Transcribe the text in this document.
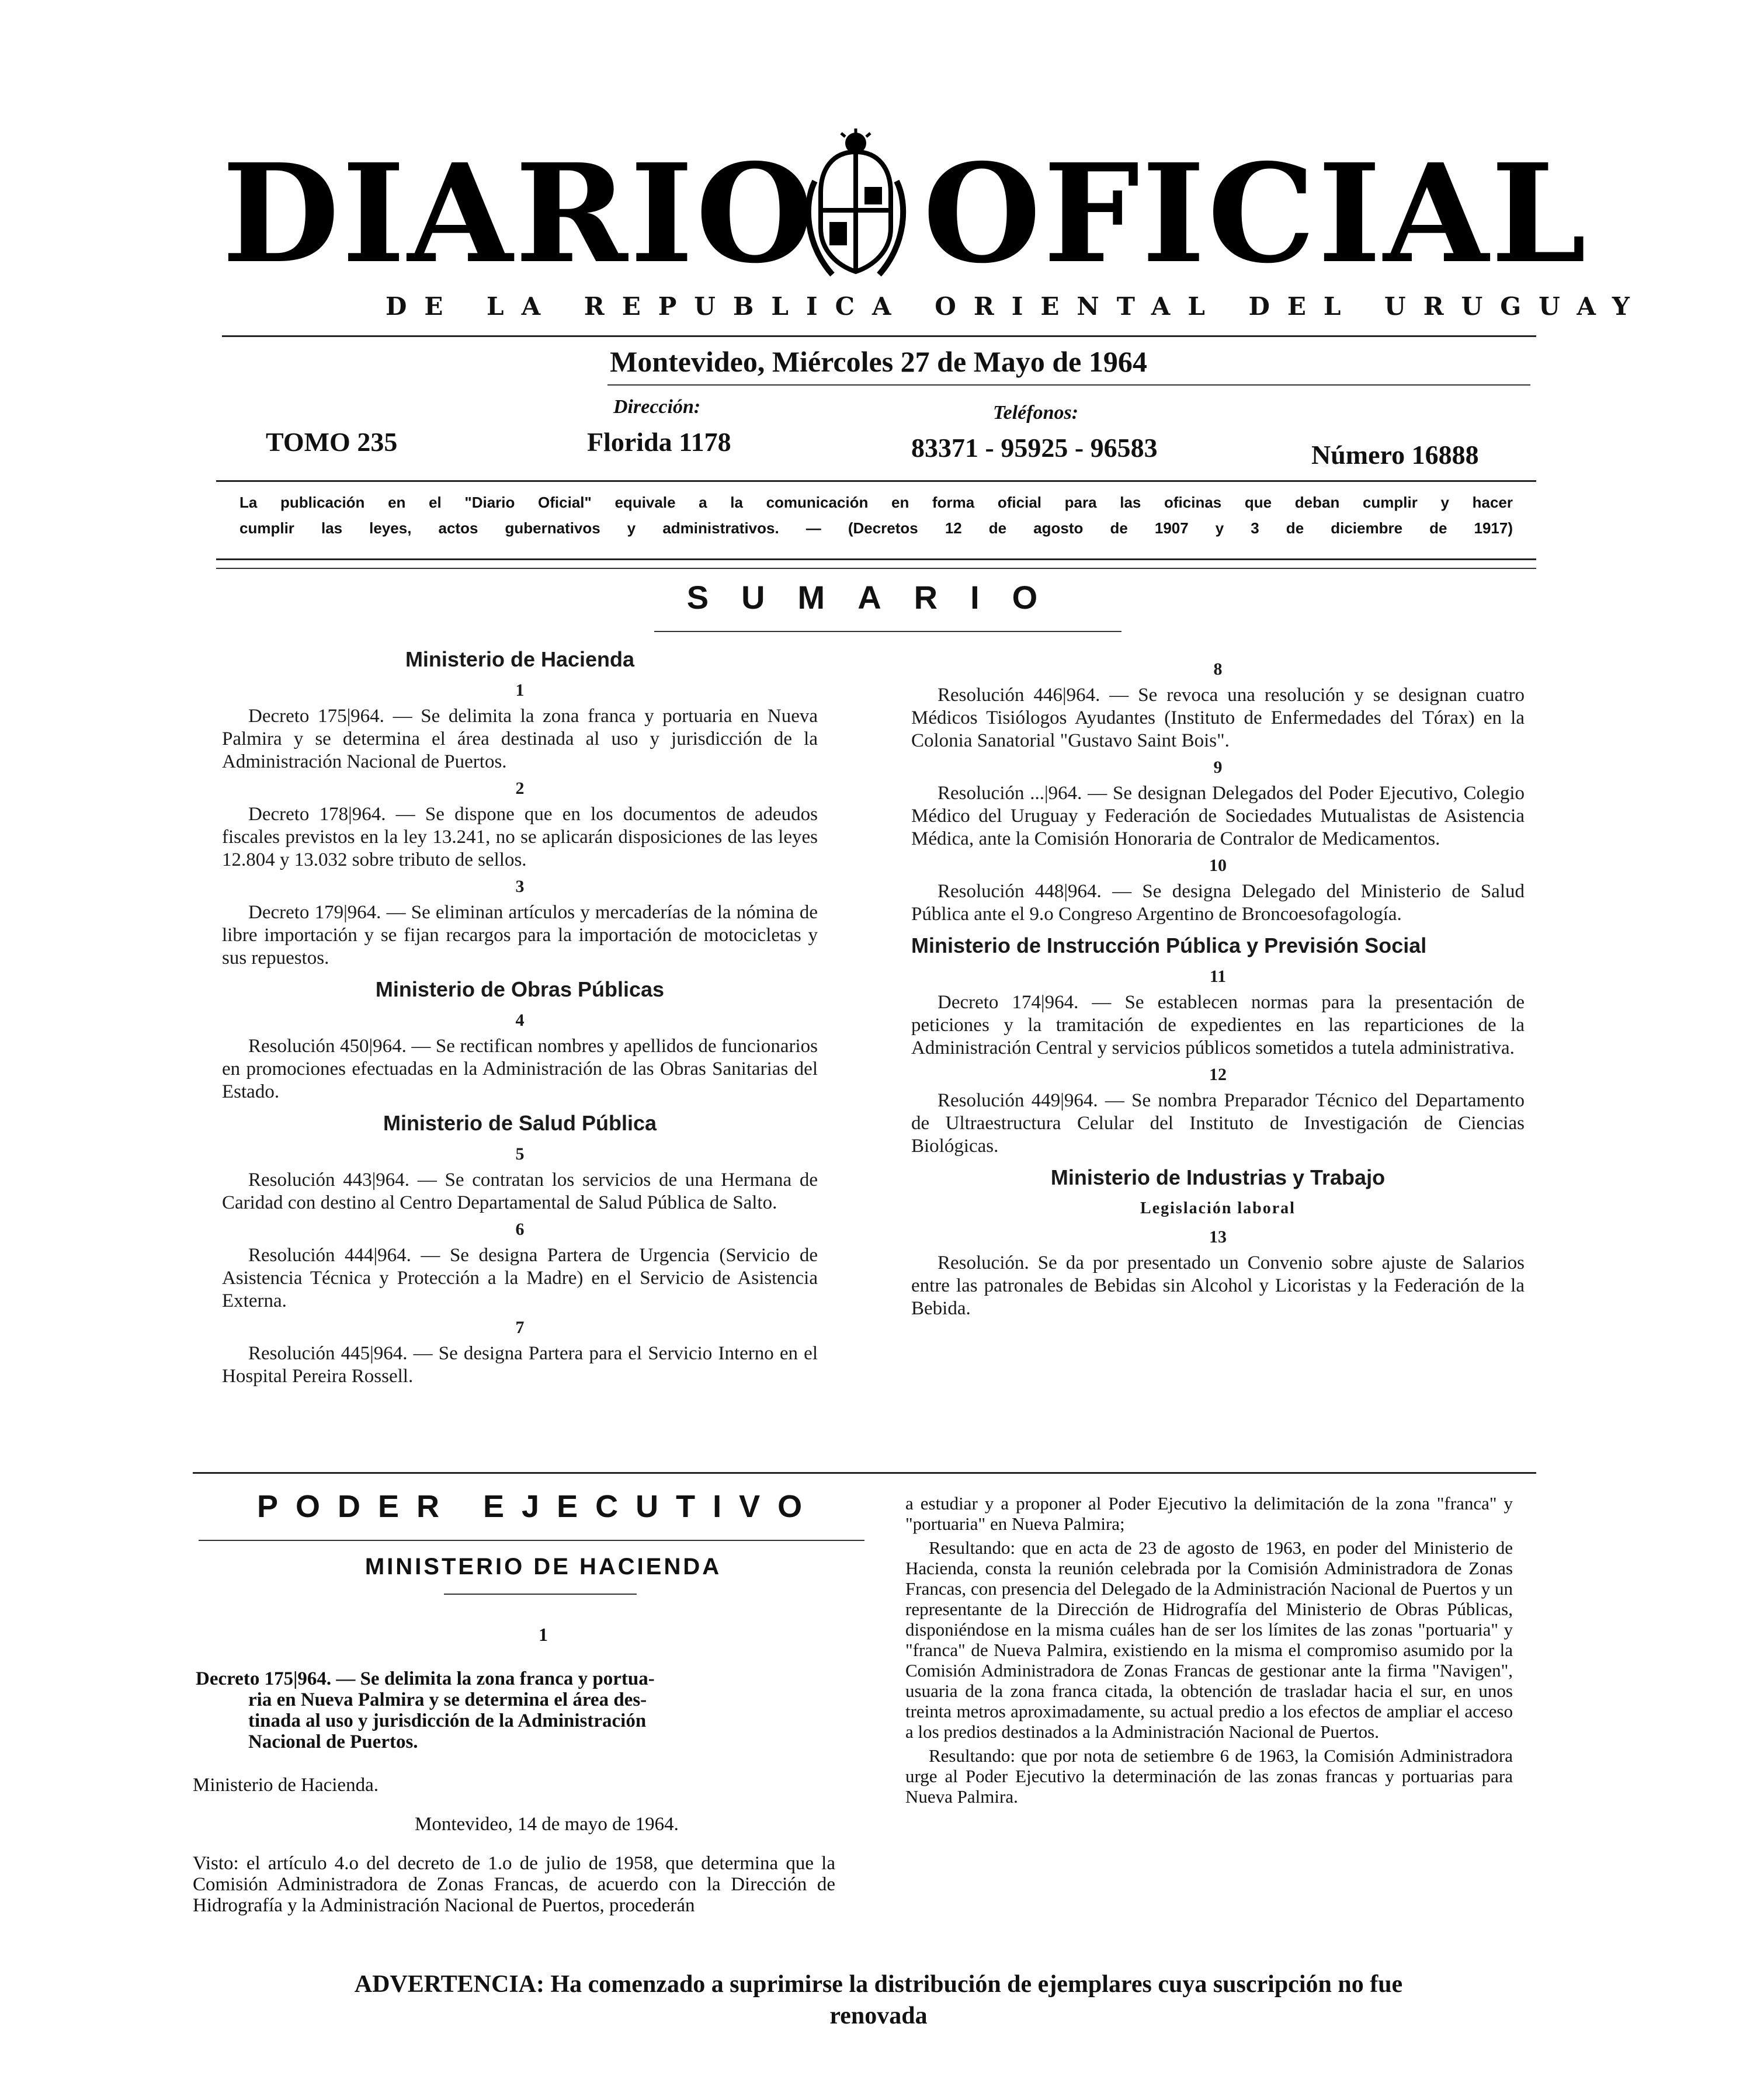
DIARIO OFICIAL
DE LA REPUBLICA ORIENTAL DEL URUGUAY
Montevideo, Miércoles 27 de Mayo de 1964
TOMO 235
Dirección:
Florida 1178
Teléfonos:
83371 - 95925 - 96583	Número 16888
La publicación en el "Diario Oficial" equivale a la comunicación en forma oficial para las oficinas que deban cumplir y hacer
cumplir las leyes, actos gubernativos y administrativos. — (Decretos 12 de agosto de 1907 y 3 de diciembre de 1917)
SUMARIO
Ministerio de Hacienda
1

Decreto 175|964. — Se delimita la zona franca y portuaria en Nueva Palmira y se determina el área destinada al uso y jurisdicción de la Administración Nacional de Puertos.

2

Decreto 178|964. — Se dispone que en los documentos de adeudos fiscales previstos en la ley 13.241, no se aplicarán disposiciones de las leyes 12.804 y 13.032 sobre tributo de sellos.

3

Decreto 179|964. — Se eliminan artículos y mercaderías de la nómina de libre importación y se fijan recargos para la importación de motocicletas y sus repuestos.

Ministerio de Obras Públicas
4

Resolución 450|964. — Se rectifican nombres y apellidos de funcionarios en promociones efectuadas en la Administración de las Obras Sanitarias del Estado.

Ministerio de Salud Pública
5

Resolución 443|964. — Se contratan los servicios de una Hermana de Caridad con destino al Centro Departamental de Salud Pública de Salto.

6

Resolución 444|964. — Se designa Partera de Urgencia (Servicio de Asistencia Técnica y Protección a la Madre) en el Servicio de Asistencia Externa.

7

Resolución 445|964. — Se designa Partera para el Servicio Interno en el Hospital Pereira Rossell.

8

Resolución 446|964. — Se revoca una resolución y se designan cuatro Médicos Tisiólogos Ayudantes (Instituto de Enfermedades del Tórax) en la Colonia Sanatorial "Gustavo Saint Bois".

9

Resolución ...|964. — Se designan Delegados del Poder Ejecutivo, Colegio Médico del Uruguay y Federación de Sociedades Mutualistas de Asistencia Médica, ante la Comisión Honoraria de Contralor de Medicamentos.

10

Resolución 448|964. — Se designa Delegado del Ministerio de Salud Pública ante el 9.o Congreso Argentino de Broncoesofagología.

Ministerio de Instrucción Pública y Previsión Social
11

Decreto 174|964. — Se establecen normas para la presentación de peticiones y la tramitación de expedientes en las reparticiones de la Administración Central y servicios públicos sometidos a tutela administrativa.

12

Resolución 449|964. — Se nombra Preparador Técnico del Departamento de Ultraestructura Celular del Instituto de Investigación de Ciencias Biológicas.

Ministerio de Industrias y Trabajo
Legislación laboral
13

Resolución. Se da por presentado un Convenio sobre ajuste de Salarios entre las patronales de Bebidas sin Alcohol y Licoristas y la Federación de la Bebida.

PODER EJECUTIVO
MINISTERIO DE HACIENDA
1
Decreto 175|964. — Se delimita la zona franca y portua-
ria en Nueva Palmira y se determina el área des-
tinada al uso y jurisdicción de la Administración
Nacional de Puertos.
Ministerio de Hacienda.
Montevideo, 14 de mayo de 1964.
Visto: el artículo 4.o del decreto de 1.o de julio de 1958, que determina que la Comisión Administradora de Zonas Francas, de acuerdo con la Dirección de Hidrografía y la Administración Nacional de Puertos, procederán

a estudiar y a proponer al Poder Ejecutivo la delimitación de la zona "franca" y "portuaria" en Nueva Palmira;

Resultando: que en acta de 23 de agosto de 1963, en poder del Ministerio de Hacienda, consta la reunión celebrada por la Comisión Administradora de Zonas Francas, con presencia del Delegado de la Administración Nacional de Puertos y un representante de la Dirección de Hidrografía del Ministerio de Obras Públicas, disponiéndose en la misma cuáles han de ser los límites de las zonas "portuaria" y "franca" de Nueva Palmira, existiendo en la misma el compromiso asumido por la Comisión Administradora de Zonas Francas de gestionar ante la firma "Navigen", usuaria de la zona franca citada, la obtención de trasladar hacia el sur, en unos treinta metros aproximadamente, su actual predio a los efectos de ampliar el acceso a los predios destinados a la Administración Nacional de Puertos.

Resultando: que por nota de setiembre 6 de 1963, la Comisión Administradora urge al Poder Ejecutivo la determinación de las zonas francas y portuarias para Nueva Palmira.

ADVERTENCIA: Ha comenzado a suprimirse la distribución de ejemplares cuya suscripción no fue
renovada
